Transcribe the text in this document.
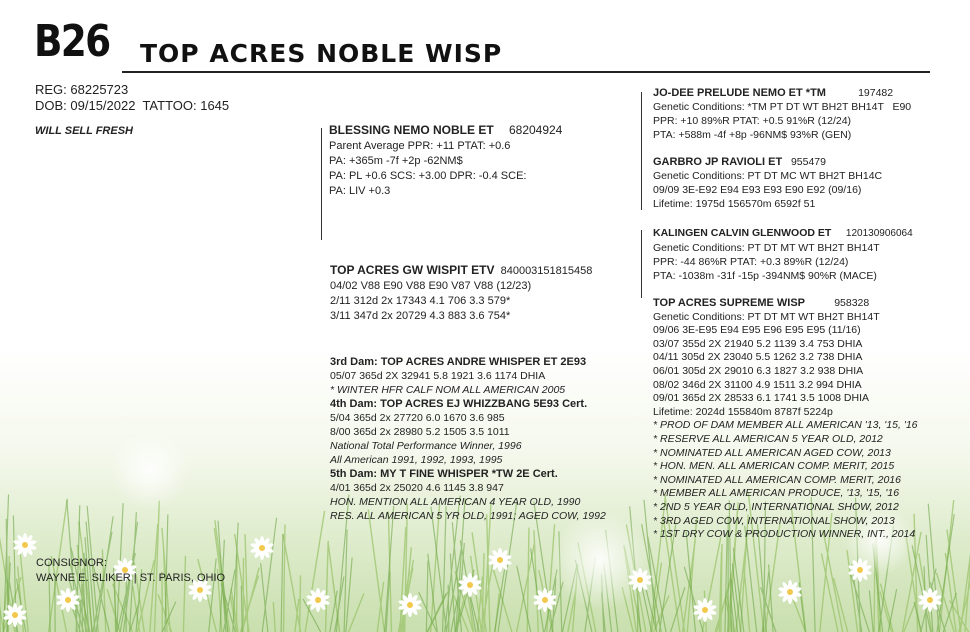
B26 TOP ACRES NOBLE WISP
REG: 68225723
DOB: 09/15/2022  TATTOO: 1645
WILL SELL FRESH
CONSIGNOR:
WAYNE E. SLIKER | ST. PARIS, OHIO
BLESSING NEMO NOBLE ET 68204924
Parent Average PPR: +11 PTAT: +0.6
PA: +365m -7f +2p -62NM$
PA: PL +0.6 SCS: +3.00 DPR: -0.4 SCE:
PA: LIV +0.3
TOP ACRES GW WISPIT ETV 840003151815458
04/02 V88 E90 V88 E90 V87 V88 (12/23)
2/11 312d 2x 17343 4.1 706 3.3 579*
3/11 347d 2x 20729 4.3 883 3.6 754*
3rd Dam: TOP ACRES ANDRE WHISPER ET 2E93
05/07 365d 2X 32941 5.8 1921 3.6 1174 DHIA
* WINTER HFR CALF NOM ALL AMERICAN 2005
4th Dam: TOP ACRES EJ WHIZZBANG 5E93 Cert.
5/04 365d 2x 27720 6.0 1670 3.6 985
8/00 365d 2x 28980 5.2 1505 3.5 1011
National Total Performance Winner, 1996
All American 1991, 1992, 1993, 1995
5th Dam: MY T FINE WHISPER *TW 2E Cert.
4/01 365d 2x 25020 4.6 1145 3.8 947
HON. MENTION ALL AMERICAN 4 YEAR OLD, 1990
RES. ALL AMERICAN 5 YR OLD, 1991; AGED COW, 1992
JO-DEE PRELUDE NEMO ET *TM	197482
Genetic Conditions: *TM PT DT WT BH2T BH14T   E90
PPR: +10 89%R PTAT: +0.5 91%R (12/24)
PTA: +588m -4f +8p -96NM$ 93%R (GEN)
GARBRO JP RAVIOLI ET 955479
Genetic Conditions: PT DT MC WT BH2T BH14C
09/09 3E-E92 E94 E93 E93 E90 E92 (09/16)
Lifetime: 1975d 156570m 6592f 51
KALINGEN CALVIN GLENWOOD ET 120130906064
Genetic Conditions: PT DT MT WT BH2T BH14T
PPR: -44 86%R PTAT: +0.3 89%R (12/24)
PTA: -1038m -31f -15p -394NM$ 90%R (MACE)
TOP ACRES SUPREME WISP	958328
Genetic Conditions: PT DT MT WT BH2T BH14T
09/06 3E-E95 E94 E95 E96 E95 E95 (11/16)
03/07 355d 2X 21940 5.2 1139 3.4 753 DHIA
04/11 305d 2X 23040 5.5 1262 3.2 738 DHIA
06/01 305d 2X 29010 6.3 1827 3.2 938 DHIA
08/02 346d 2X 31100 4.9 1511 3.2 994 DHIA
09/01 365d 2X 28533 6.1 1741 3.5 1008 DHIA
Lifetime: 2024d 155840m 8787f 5224p
* PROD OF DAM MEMBER ALL AMERICAN '13, '15, '16
* RESERVE ALL AMERICAN 5 YEAR OLD, 2012
* NOMINATED ALL AMERICAN AGED COW, 2013
* HON. MEN. ALL AMERICAN COMP. MERIT, 2015
* NOMINATED ALL AMERICAN COMP. MERIT, 2016
* MEMBER ALL AMERICAN PRODUCE, '13, '15, '16
* 2ND 5 YEAR OLD, INTERNATIONAL SHOW, 2012
* 3RD AGED COW, INTERNATIONAL SHOW, 2013
* 1ST DRY COW & PRODUCTION WINNER, INT., 2014
